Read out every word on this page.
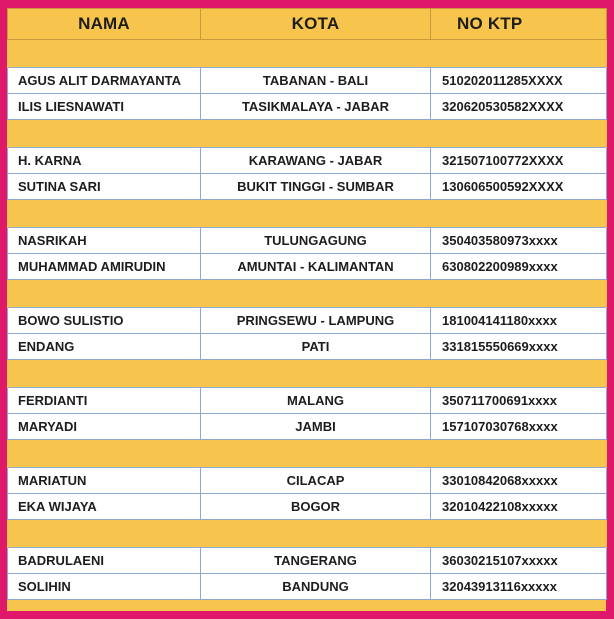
NAMA	KOTA	NO KTP

AGUS ALIT DARMAYANTA	TABANAN - BALI	510202011285XXXX
ILIS LIESNAWATI	TASIKMALAYA - JABAR	320620530582XXXX

H. KARNA	KARAWANG - JABAR	321507100772XXXX
SUTINA SARI	BUKIT TINGGI - SUMBAR	130606500592XXXX

NASRIKAH	TULUNGAGUNG	350403580973xxxx
MUHAMMAD AMIRUDIN	AMUNTAI - KALIMANTAN	630802200989xxxx

BOWO SULISTIO	PRINGSEWU - LAMPUNG	181004141180xxxx
ENDANG	PATI	331815550669xxxx

FERDIANTI	MALANG	350711700691xxxx
MARYADI	JAMBI	157107030768xxxx

MARIATUN	CILACAP	33010842068xxxxx
EKA WIJAYA	BOGOR	32010422108xxxxx

BADRULAENI	TANGERANG	36030215107xxxxx
SOLIHIN	BANDUNG	32043913116xxxxx
